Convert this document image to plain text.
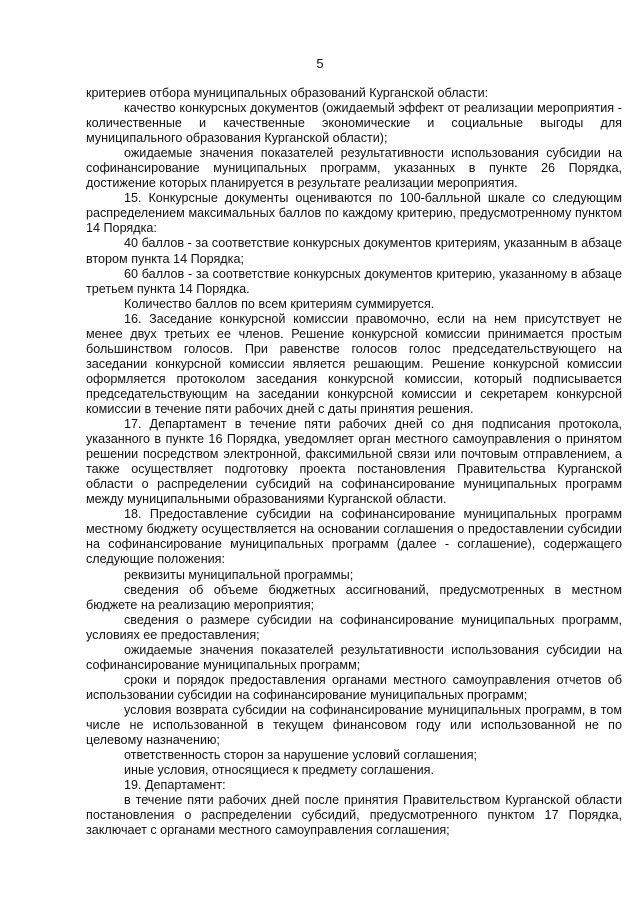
5

критериев отбора муниципальных образований Курганской области:

качество конкурсных документов (ожидаемый эффект от реализации мероприятия - количественные и качественные экономические и социальные выгоды для муниципального образования Курганской области);

ожидаемые значения показателей результативности использования субсидии на софинансирование муниципальных программ, указанных в пункте 26 Порядка, достижение которых планируется в результате реализации мероприятия.

15. Конкурсные документы оцениваются по 100-балльной шкале со следующим распределением максимальных баллов по каждому критерию, предусмотренному пунктом 14 Порядка:

40 баллов - за соответствие конкурсных документов критериям, указанным в абзаце втором пункта 14 Порядка;

60 баллов - за соответствие конкурсных документов критерию, указанному в абзаце третьем пункта 14 Порядка.

Количество баллов по всем критериям суммируется.

16. Заседание конкурсной комиссии правомочно, если на нем присутствует не менее двух третьих ее членов. Решение конкурсной комиссии принимается простым большинством голосов. При равенстве голосов голос председательствующего на заседании конкурсной комиссии является решающим. Решение конкурсной комиссии оформляется протоколом заседания конкурсной комиссии, который подписывается председательствующим на заседании конкурсной комиссии и секретарем конкурсной комиссии в течение пяти рабочих дней с даты принятия решения.

17. Департамент в течение пяти рабочих дней со дня подписания протокола, указанного в пункте 16 Порядка, уведомляет орган местного самоуправления о принятом решении посредством электронной, факсимильной связи или почтовым отправлением, а также осуществляет подготовку проекта постановления Правительства Курганской области о распределении субсидий на софинансирование муниципальных программ между муниципальными образованиями Курганской области.

18. Предоставление субсидии на софинансирование муниципальных программ местному бюджету осуществляется на основании соглашения о предоставлении субсидии на софинансирование муниципальных программ (далее - соглашение), содержащего следующие положения:

реквизиты муниципальной программы;

сведения об объеме бюджетных ассигнований, предусмотренных в местном бюджете на реализацию мероприятия;

сведения о размере субсидии на софинансирование муниципальных программ, условиях ее предоставления;

ожидаемые значения показателей результативности использования субсидии на софинансирование муниципальных программ;

сроки и порядок предоставления органами местного самоуправления отчетов об использовании субсидии на софинансирование муниципальных программ;

условия возврата субсидии на софинансирование муниципальных программ, в том числе не использованной в текущем финансовом году или использованной не по целевому назначению;

ответственность сторон за нарушение условий соглашения;

иные условия, относящиеся к предмету соглашения.

19. Департамент:

в течение пяти рабочих дней после принятия Правительством Курганской области постановления о распределении субсидий, предусмотренного пунктом 17 Порядка, заключает с органами местного самоуправления соглашения;
